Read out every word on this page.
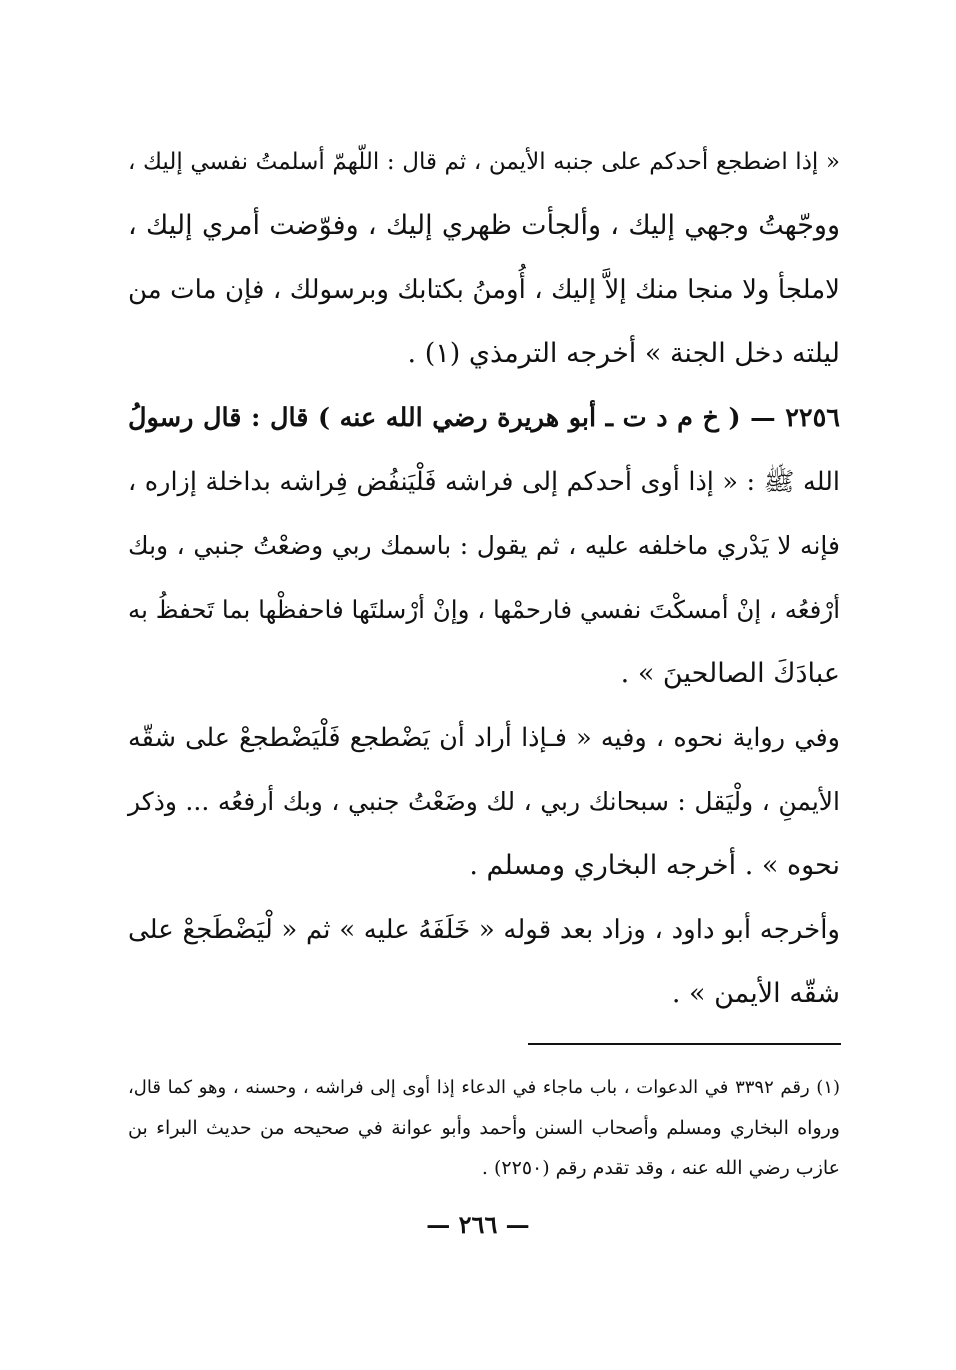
« إذا اضطجع أحدكم على جنبه الأيمن ، ثم قال : اللّهمّ أسلمتُ نفسي إليك ،
ووجّهتُ وجهي إليك ، وألجأت ظهري إليك ، وفوّضت أمري إليك ،
لاملجأ ولا منجا منك إلاَّ إليك ، أُومنُ بكتابك وبرسولك ، فإن مات من
ليلته دخل الجنة » أخرجه الترمذي (١) .
٢٢٥٦ — ( خ م د ت ـ أبو هريرة رضي الله عنه ) قال : قال رسولُ
الله ﷺ : « إذا أوى أحدكم إلى فراشه فَلْيَنفُض فِراشه بداخلة إزاره ،
فإنه لا يَدْري ماخلفه عليه ، ثم يقول : باسمك ربي وضعْتُ جنبي ، وبك
أرْفعُه ، إنْ أمسكْتَ نفسي فارحمْها ، وإنْ أرْسلتَها فاحفظْها بما تَحفظُ به
عبادَكَ الصالحينَ » .
وفي رواية نحوه ، وفيه « فـإذا أراد أن يَضْطجع فَلْيَضْطجعْ على شقّه
الأيمنِ ، ولْيَقل : سبحانك ربي ، لك وضَعْتُ جنبي ، وبك أرفعُه ... وذكر
نحوه » . أخرجه البخاري ومسلم .
وأخرجه أبو داود ، وزاد بعد قوله « خَلَفَهُ عليه » ثم « لْيَضْطَجعْ على
شقّه الأيمن » .
(١) رقم ٣٣٩٢ في الدعوات ، باب ماجاء في الدعاء إذا أوى إلى فراشه ، وحسنه ، وهو كما قال،
ورواه البخاري ومسلم وأصحاب السنن وأحمد وأبو عوانة في صحيحه من حديث البراء بن
عازب رضي الله عنه ، وقد تقدم رقم (٢٢٥٠) .
— ٢٦٦ —
